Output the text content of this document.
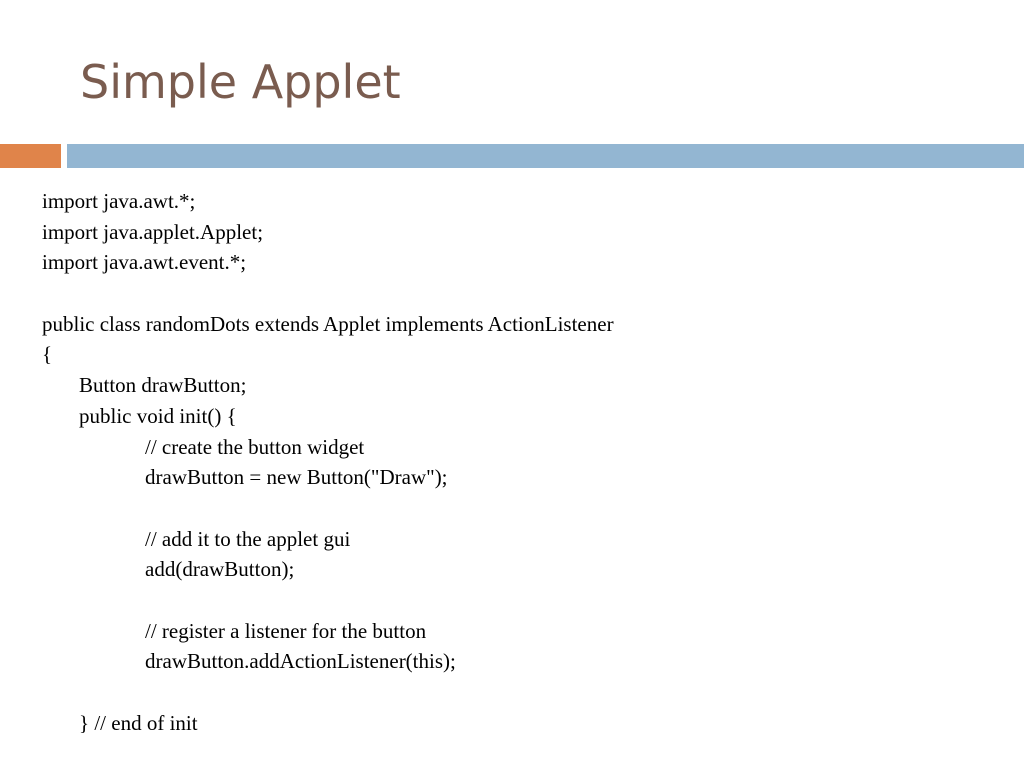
Simple Applet
import java.awt.*;
import java.applet.Applet;
import java.awt.event.*;
public class randomDots extends Applet implements ActionListener
{
Button drawButton;
public void init() {
// create the button widget
drawButton = new Button("Draw");
// add it to the applet gui
add(drawButton);
// register a listener for the button
drawButton.addActionListener(this);
} // end of init
